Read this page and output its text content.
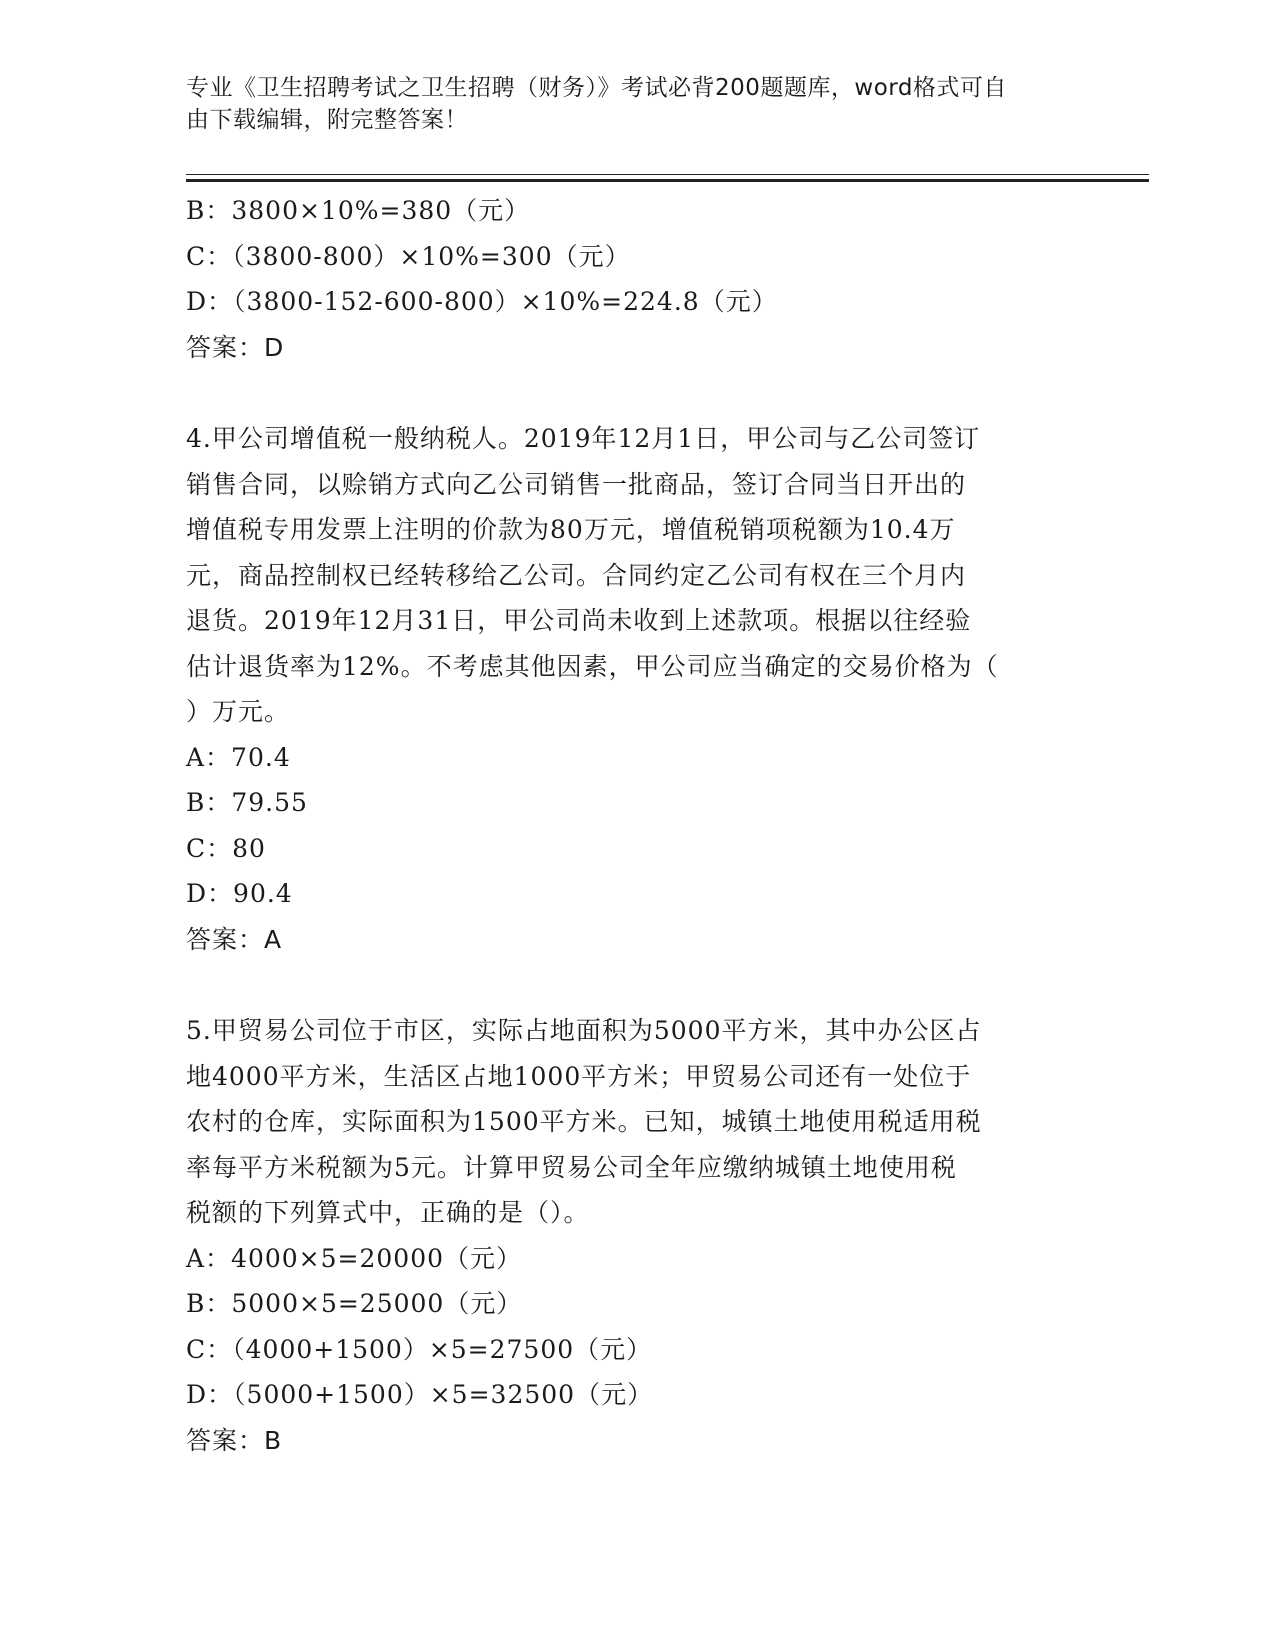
专业《卫生招聘考试之卫生招聘（财务）》考试必背200题题库，word格式可自
由下载编辑，附完整答案！
B：3800×10%=380（元）
C：（3800-800）×10%=300（元）
D：（3800-152-600-800）×10%=224.8（元）
答案：D
4.甲公司增值税一般纳税人。2019年12月1日，甲公司与乙公司签订
销售合同，以赊销方式向乙公司销售一批商品，签订合同当日开出的
增值税专用发票上注明的价款为80万元，增值税销项税额为10.4万
元，商品控制权已经转移给乙公司。合同约定乙公司有权在三个月内
退货。2019年12月31日，甲公司尚未收到上述款项。根据以往经验
估计退货率为12%。不考虑其他因素，甲公司应当确定的交易价格为（
）万元。
A：70.4
B：79.55
C：80
D：90.4
答案：A
5.甲贸易公司位于市区，实际占地面积为5000平方米，其中办公区占
地4000平方米，生活区占地1000平方米；甲贸易公司还有一处位于
农村的仓库，实际面积为1500平方米。已知，城镇土地使用税适用税
率每平方米税额为5元。计算甲贸易公司全年应缴纳城镇土地使用税
税额的下列算式中，正确的是（）。
A：4000×5=20000（元）
B：5000×5=25000（元）
C：（4000+1500）×5=27500（元）
D：（5000+1500）×5=32500（元）
答案：B
